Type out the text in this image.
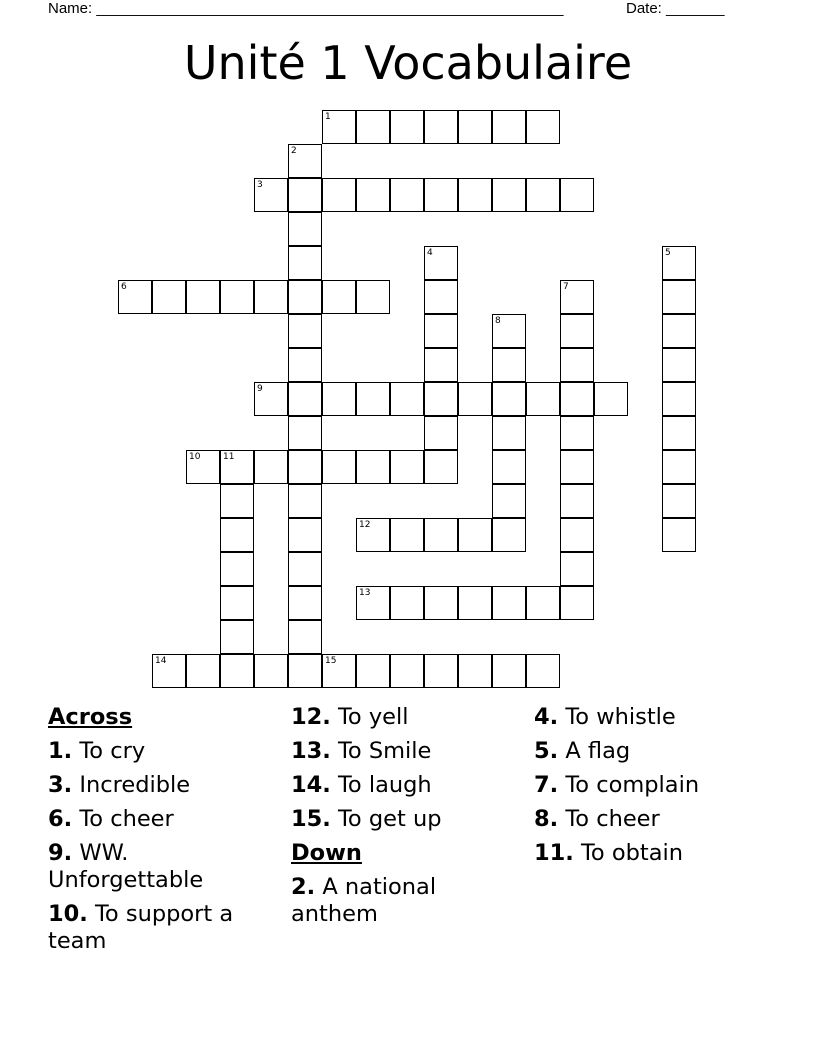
Name: ________________________________________________________	Date: _______
Unité 1 Vocabulaire
1
2
3
4	5
6	7
8
9
10	11
12
13
14	15
Across
1. To cry
3. Incredible
6. To cheer
9. WW. Unforgettable
10. To support a team
12. To yell
13. To Smile
14. To laugh
15. To get up
Down
2. A national anthem
4. To whistle
5. A flag
7. To complain
8. To cheer
11. To obtain
